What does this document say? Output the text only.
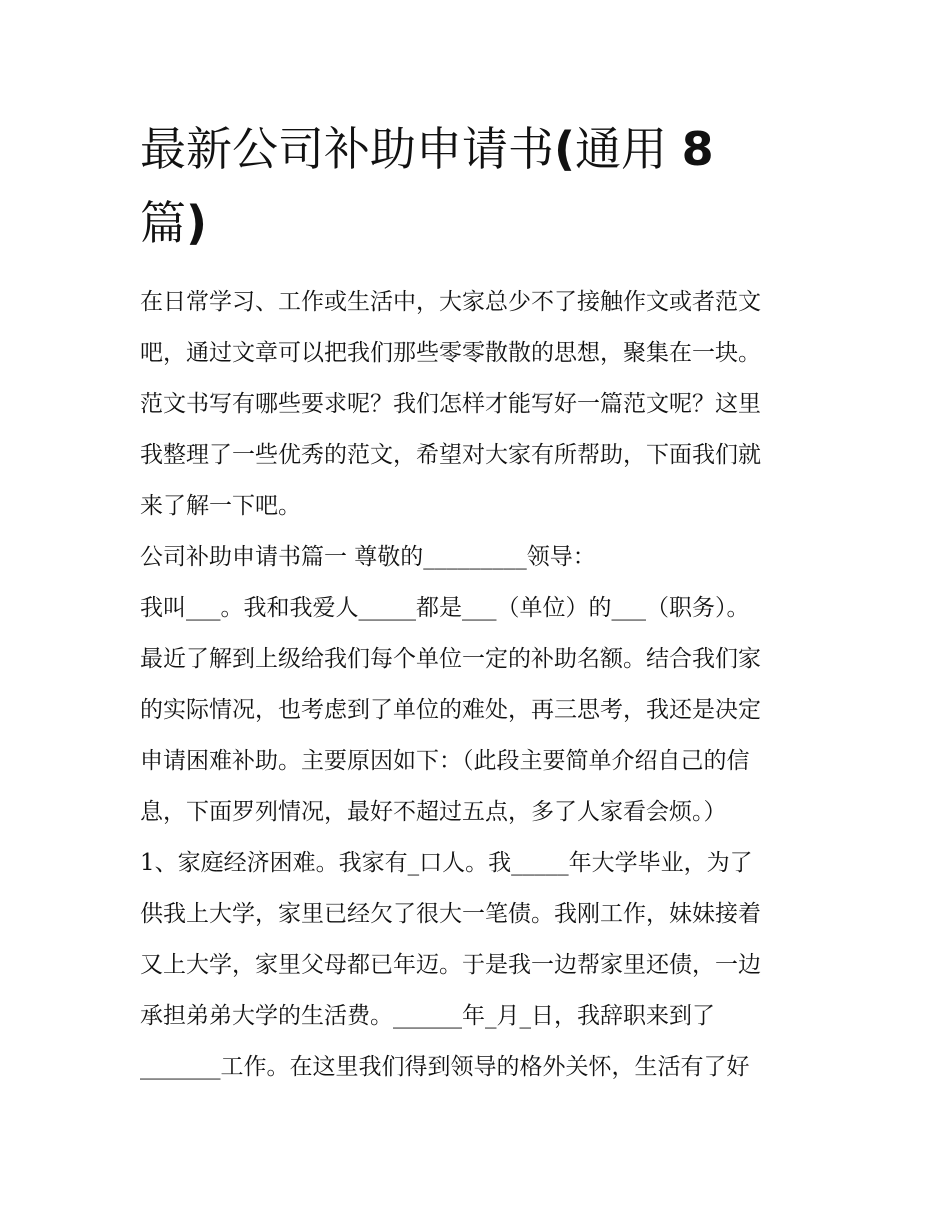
最新公司补助申请书(通用 8
篇)
在日常学习、工作或生活中，大家总少不了接触作文或者范文
吧，通过文章可以把我们那些零零散散的思想，聚集在一块。
范文书写有哪些要求呢？我们怎样才能写好一篇范文呢？这里
我整理了一些优秀的范文，希望对大家有所帮助，下面我们就
来了解一下吧。
公司补助申请书篇一 尊敬的_________领导：
我叫___。我和我爱人_____都是___（单位）的___（职务）。
最近了解到上级给我们每个单位一定的补助名额。结合我们家
的实际情况，也考虑到了单位的难处，再三思考，我还是决定
申请困难补助。主要原因如下：（此段主要简单介绍自己的信
息，下面罗列情况，最好不超过五点，多了人家看会烦。）
1、家庭经济困难。我家有_口人。我_____年大学毕业，为了
供我上大学，家里已经欠了很大一笔债。我刚工作，妹妹接着
又上大学，家里父母都已年迈。于是我一边帮家里还债，一边
承担弟弟大学的生活费。______年_月_日，我辞职来到了
_______工作。在这里我们得到领导的格外关怀，生活有了好
